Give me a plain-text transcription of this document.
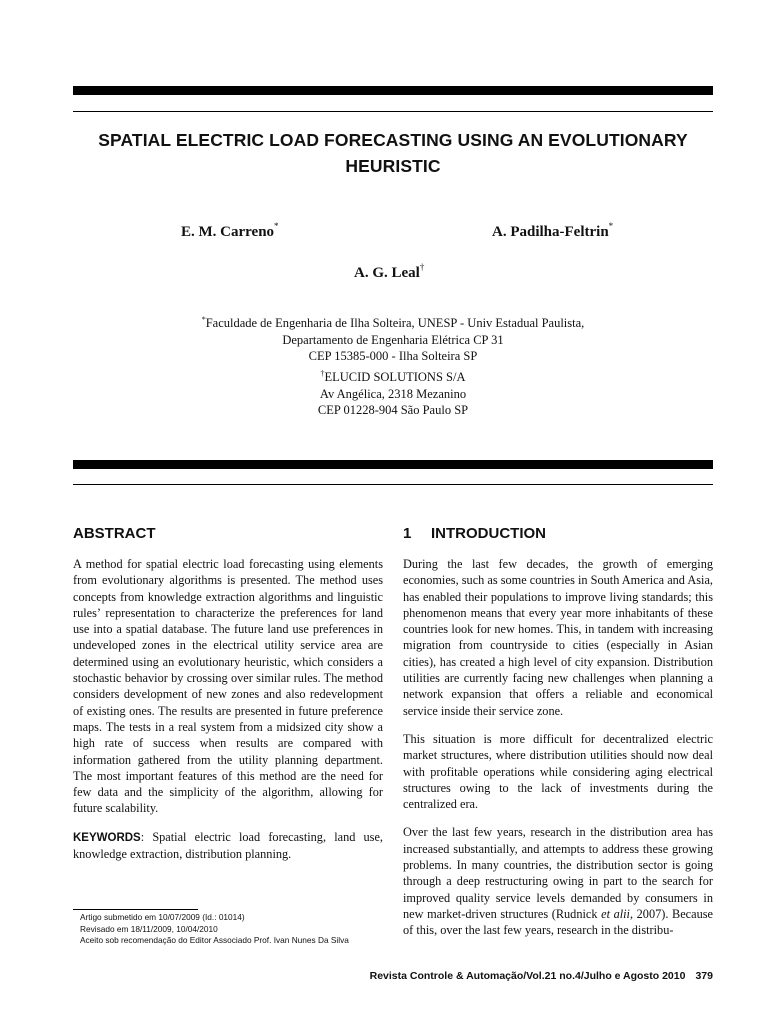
SPATIAL ELECTRIC LOAD FORECASTING USING AN EVOLUTIONARY HEURISTIC
E. M. Carreno*	A. Padilha-Feltrin*
A. G. Leal†
*Faculdade de Engenharia de Ilha Solteira, UNESP - Univ Estadual Paulista,
Departamento de Engenharia Elétrica CP 31
CEP 15385-000 - Ilha Solteira SP
†ELUCID SOLUTIONS S/A
Av Angélica, 2318 Mezanino
CEP 01228-904 São Paulo SP
ABSTRACT	1 INTRODUCTION

A method for spatial electric load forecasting using elements from evolutionary algorithms is presented. The method uses concepts from knowledge extraction algorithms and linguistic rules’ representation to characterize the preferences for land use into a spatial database. The future land use preferences in undeveloped zones in the electrical utility service area are determined using an evolutionary heuristic, which considers a stochastic behavior by crossing over similar rules. The method considers development of new zones and also redevelopment of existing ones. The results are presented in future preference maps. The tests in a real system from a midsized city show a high rate of success when results are compared with information gathered from the utility planning department. The most important features of this method are the need for few data and the simplicity of the algorithm, allowing for future scalability.

KEYWORDS: Spatial electric load forecasting, land use, knowledge extraction, distribution planning.

During the last few decades, the growth of emerging economies, such as some countries in South America and Asia, has enabled their populations to improve living standards; this phenomenon means that every year more inhabitants of these countries look for new homes. This, in tandem with increasing migration from countryside to cities (especially in Asian cities), has created a high level of city expansion. Distribution utilities are currently facing new challenges when planning a network expansion that offers a reliable and economical service inside their service zone.

This situation is more difficult for decentralized electric market structures, where distribution utilities should now deal with profitable operations while considering aging electrical structures owing to the lack of investments during the centralized era.

Over the last few years, research in the distribution area has increased substantially, and attempts to address these growing problems. In many countries, the distribution sector is going through a deep restructuring owing in part to the search for improved quality service levels demanded by consumers in new market-driven structures (Rudnick et alii, 2007). Because of this, over the last few years, research in the distribu-

Artigo submetido em 10/07/2009 (Id.: 01014)
Revisado em 18/11/2009, 10/04/2010
Aceito sob recomendação do Editor Associado Prof. Ivan Nunes Da Silva
Revista Controle & Automação/Vol.21 no.4/Julho e Agosto 2010 379
